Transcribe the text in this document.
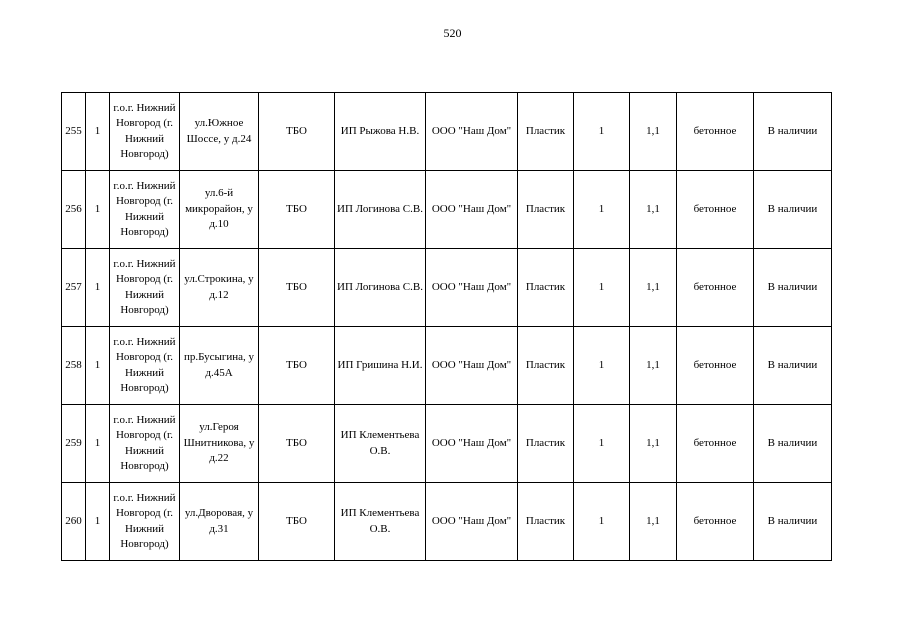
520
255	1	г.о.г. Нижний Новгород (г. Нижний Новгород)	ул.Южное Шоссе, у д.24	ТБО	ИП Рыжова Н.В.	ООО "Наш Дом"	Пластик	1	1,1	бетонное	В наличии
256	1	г.о.г. Нижний Новгород (г. Нижний Новгород)	ул.6-й микрорайон, у д.10	ТБО	ИП Логинова С.В.	ООО "Наш Дом"	Пластик	1	1,1	бетонное	В наличии
257	1	г.о.г. Нижний Новгород (г. Нижний Новгород)	ул.Строкина, у д.12	ТБО	ИП Логинова С.В.	ООО "Наш Дом"	Пластик	1	1,1	бетонное	В наличии
258	1	г.о.г. Нижний Новгород (г. Нижний Новгород)	пр.Бусыгина, у д.45А	ТБО	ИП Гришина Н.И.	ООО "Наш Дом"	Пластик	1	1,1	бетонное	В наличии
259	1	г.о.г. Нижний Новгород (г. Нижний Новгород)	ул.Героя Шнитникова, у д.22	ТБО	ИП Клементьева О.В.	ООО "Наш Дом"	Пластик	1	1,1	бетонное	В наличии
260	1	г.о.г. Нижний Новгород (г. Нижний Новгород)	ул.Дворовая, у д.31	ТБО	ИП Клементьева О.В.	ООО "Наш Дом"	Пластик	1	1,1	бетонное	В наличии
